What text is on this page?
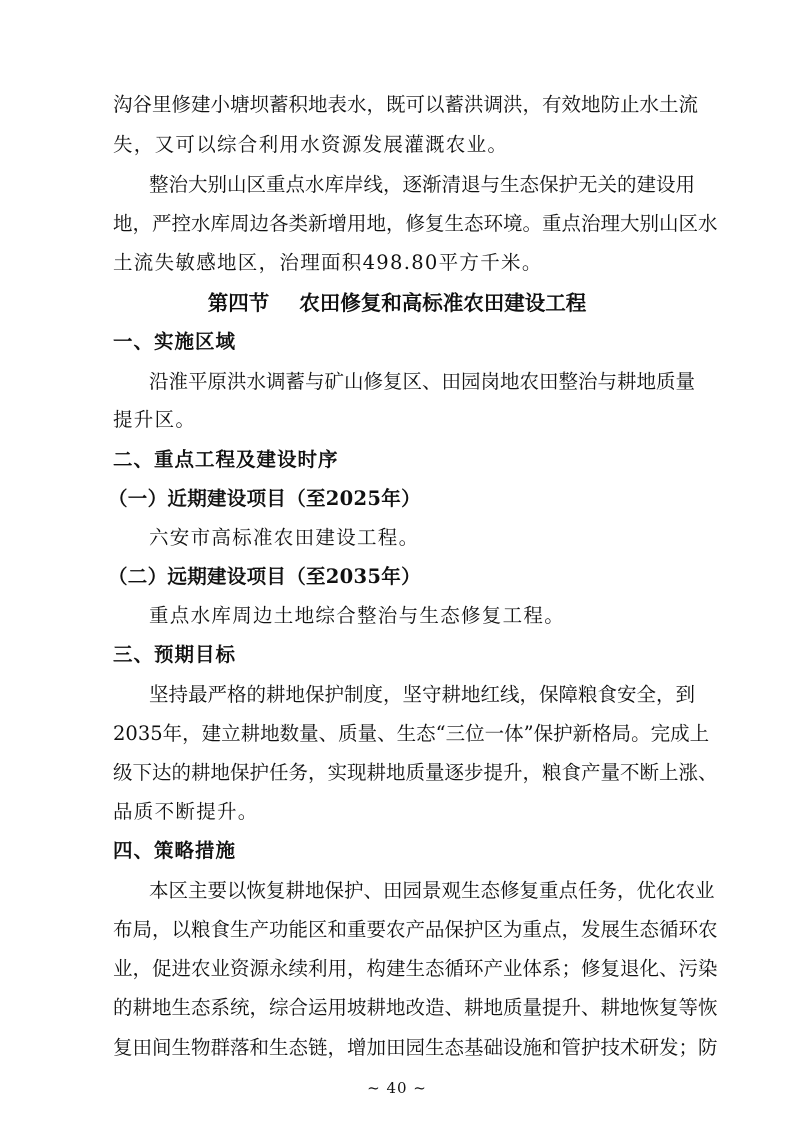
沟谷里修建小塘坝蓄积地表水，既可以蓄洪调洪，有效地防止水土流
失，又可以综合利用水资源发展灌溉农业。
整治大别山区重点水库岸线，逐渐清退与生态保护无关的建设用
地，严控水库周边各类新增用地，修复生态环境。重点治理大别山区水
土流失敏感地区，治理面积498.80平方千米。
第四节 农田修复和高标准农田建设工程
一、实施区域
沿淮平原洪水调蓄与矿山修复区、田园岗地农田整治与耕地质量
提升区。
二、重点工程及建设时序
（一）近期建设项目（至2025年）
六安市高标准农田建设工程。
（二）远期建设项目（至2035年）
重点水库周边土地综合整治与生态修复工程。
三、预期目标
坚持最严格的耕地保护制度，坚守耕地红线，保障粮食安全，到
2035年，建立耕地数量、质量、生态“三位一体”保护新格局。完成上
级下达的耕地保护任务，实现耕地质量逐步提升，粮食产量不断上涨、
品质不断提升。
四、策略措施
本区主要以恢复耕地保护、田园景观生态修复重点任务，优化农业
布局，以粮食生产功能区和重要农产品保护区为重点，发展生态循环农
业，促进农业资源永续利用，构建生态循环产业体系；修复退化、污染
的耕地生态系统，综合运用坡耕地改造、耕地质量提升、耕地恢复等恢
复田间生物群落和生态链，增加田园生态基础设施和管护技术研发；防
~ 40 ~
